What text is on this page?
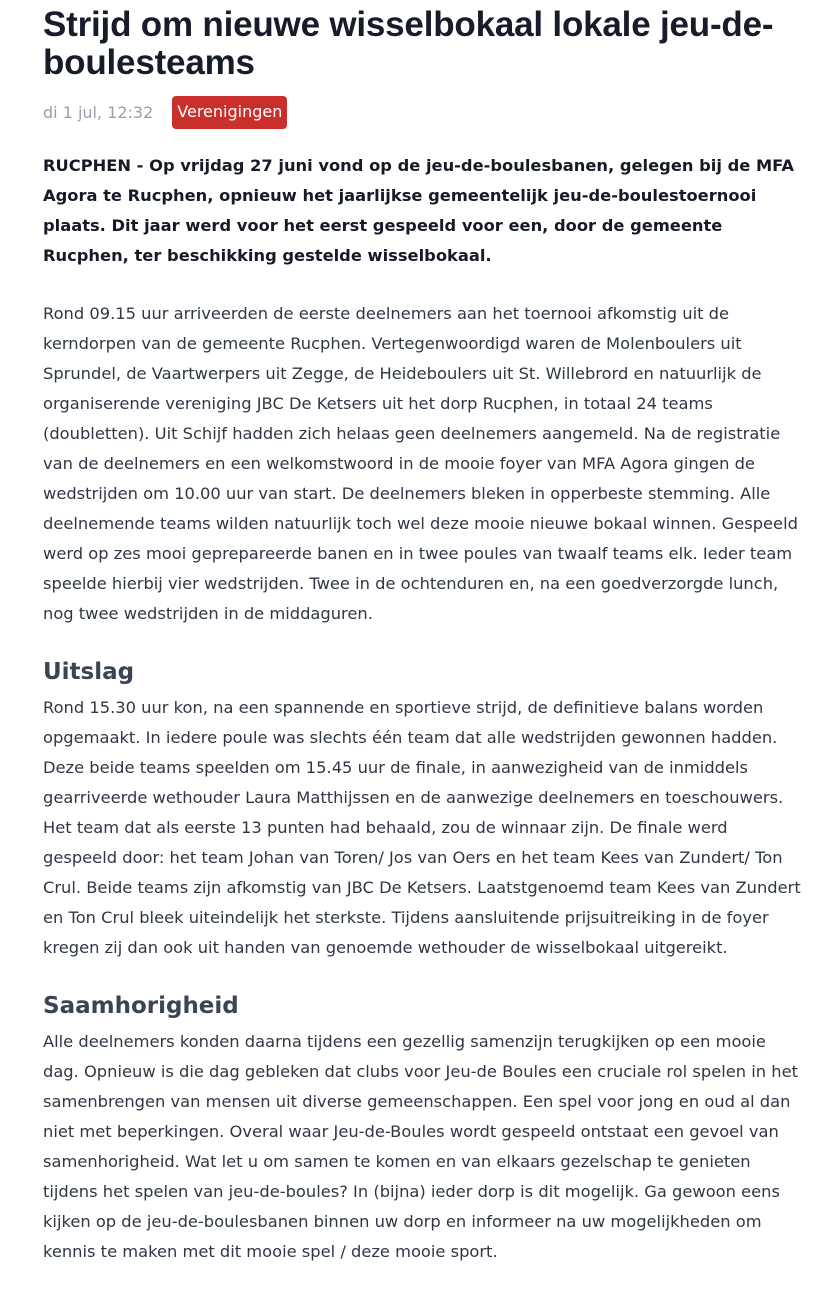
Strijd om nieuwe wisselbokaal lokale jeu-de-boulesteams
di 1 jul, 12:32	Verenigingen

RUCPHEN - Op vrijdag 27 juni vond op de jeu-de-boulesbanen, gelegen bij de MFA Agora te Rucphen, opnieuw het jaarlijkse gemeentelijk jeu-de-boulestoernooi plaats. Dit jaar werd voor het eerst gespeeld voor een, door de gemeente Rucphen, ter beschikking gestelde wisselbokaal.

Rond 09.15 uur arriveerden de eerste deelnemers aan het toernooi afkomstig uit de kerndorpen van de gemeente Rucphen. Vertegenwoordigd waren de Molenboulers uit Sprundel, de Vaartwerpers uit Zegge, de Heideboulers uit St. Willebrord en natuurlijk de organiserende vereniging JBC De Ketsers uit het dorp Rucphen, in totaal 24 teams (doubletten). Uit Schijf hadden zich helaas geen deelnemers aangemeld. Na de registratie van de deelnemers en een welkomstwoord in de mooie foyer van MFA Agora gingen de wedstrijden om 10.00 uur van start. De deelnemers bleken in opperbeste stemming. Alle deelnemende teams wilden natuurlijk toch wel deze mooie nieuwe bokaal winnen. Gespeeld werd op zes mooi geprepareerde banen en in twee poules van twaalf teams elk. Ieder team speelde hierbij vier wedstrijden. Twee in de ochtenduren en, na een goedverzorgde lunch, nog twee wedstrijden in de middaguren.

Uitslag

Rond 15.30 uur kon, na een spannende en sportieve strijd, de definitieve balans worden opgemaakt. In iedere poule was slechts één team dat alle wedstrijden gewonnen hadden. Deze beide teams speelden om 15.45 uur de finale, in aanwezigheid van de inmiddels gearriveerde wethouder Laura Matthijssen en de aanwezige deelnemers en toeschouwers. Het team dat als eerste 13 punten had behaald, zou de winnaar zijn. De finale werd gespeeld door: het team Johan van Toren/ Jos van Oers en het team Kees van Zundert/ Ton Crul. Beide teams zijn afkomstig van JBC De Ketsers. Laatstgenoemd team Kees van Zundert en Ton Crul bleek uiteindelijk het sterkste. Tijdens aansluitende prijsuitreiking in de foyer kregen zij dan ook uit handen van genoemde wethouder de wisselbokaal uitgereikt.

Saamhorigheid

Alle deelnemers konden daarna tijdens een gezellig samenzijn terugkijken op een mooie dag. Opnieuw is die dag gebleken dat clubs voor Jeu-de Boules een cruciale rol spelen in het samenbrengen van mensen uit diverse gemeenschappen. Een spel voor jong en oud al dan niet met beperkingen. Overal waar Jeu-de-Boules wordt gespeeld ontstaat een gevoel van samenhorigheid. Wat let u om samen te komen en van elkaars gezelschap te genieten tijdens het spelen van jeu-de-boules? In (bijna) ieder dorp is dit mogelijk. Ga gewoon eens kijken op de jeu-de-boulesbanen binnen uw dorp en informeer na uw mogelijkheden om kennis te maken met dit mooie spel / deze mooie sport.
